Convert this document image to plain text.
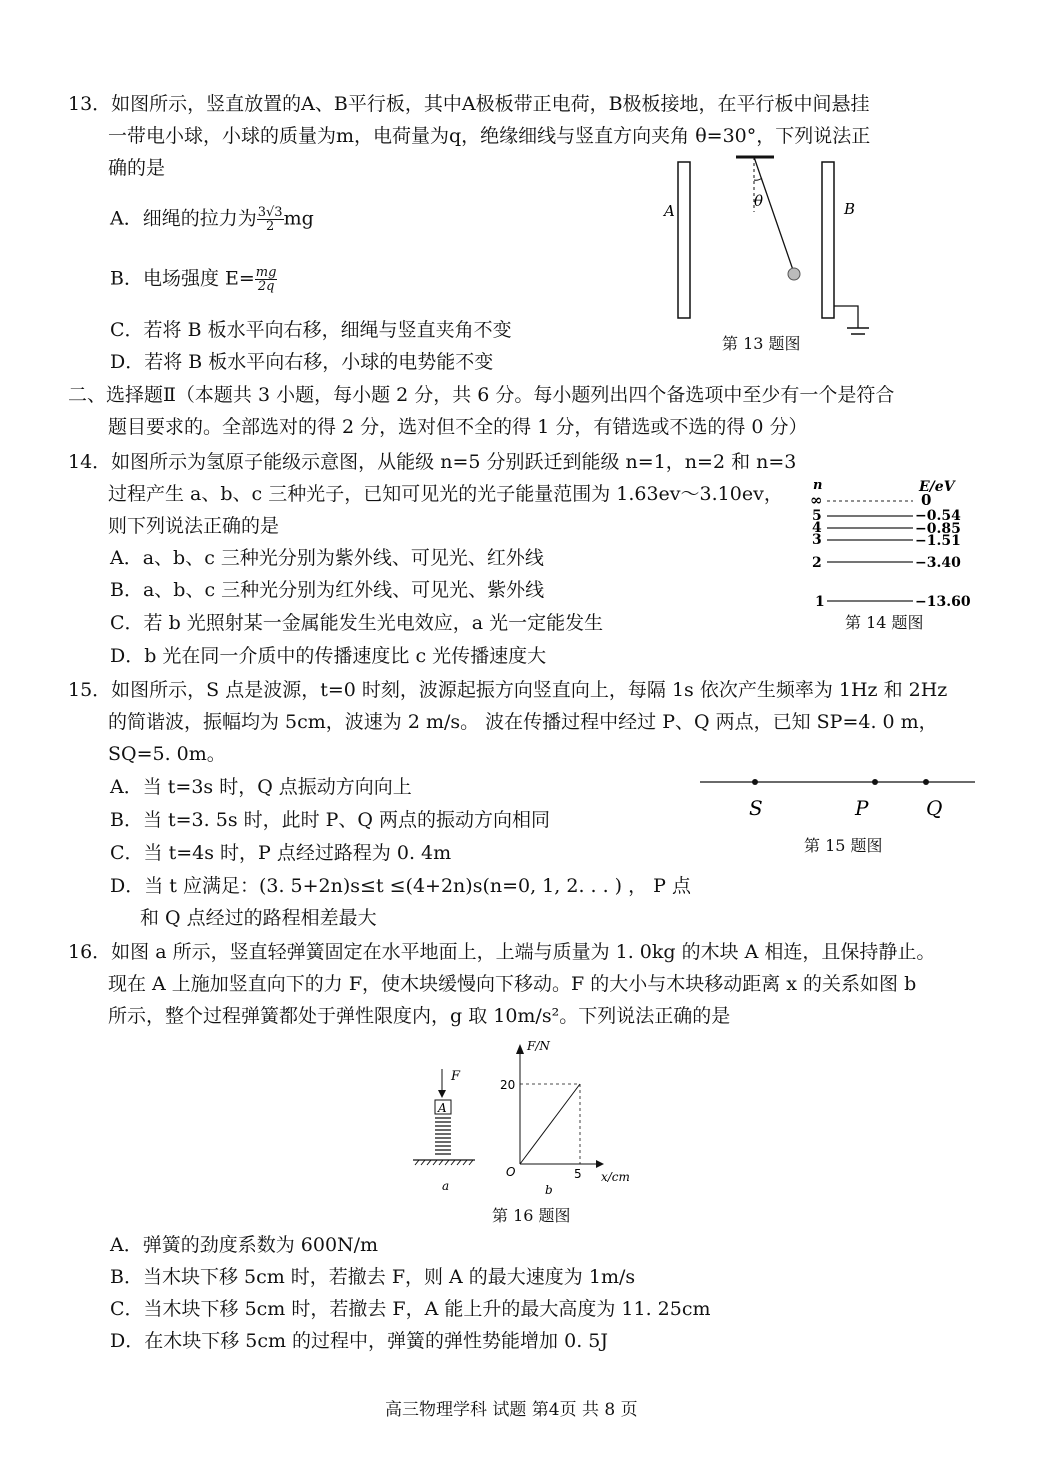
13．如图所示，竖直放置的A、B平行板，其中A极板带正电荷，B极板接地，在平行板中间悬挂
一带电小球，小球的质量为m，电荷量为q，绝缘细线与竖直方向夹角 θ=30°，下列说法正
确的是
A．细绳的拉力为 $\frac{3√3}{2}$ mg
B．电场强度 $E= \frac{mg}{2q}$
C．若将 B 板水平向右移，细绳与竖直夹角不变
D．若将 B 板水平向右移，小球的电势能不变
θ
A	B
第 13 题图
二、选择题Ⅱ（本题共 3 小题，每小题 2 分，共 6 分。每小题列出四个备选项中至少有一个是符合
题目要求的。全部选对的得 2 分，选对但不全的得 1 分，有错选或不选的得 0 分）
14．如图所示为氢原子能级示意图，从能级 n=5 分别跃迁到能级 n=1，n=2 和 n=3
过程产生 a、b、c 三种光子，已知可见光的光子能量范围为 1.63ev～3.10ev，
则下列说法正确的是
A．a、b、c 三种光分别为紫外线、可见光、红外线
B．a、b、c 三种光分别为红外线、可见光、紫外线
C．若 b 光照射某一金属能发生光电效应，a 光一定能发生
D．b 光在同一介质中的传播速度比 c 光传播速度大
n	E/eV
∞	0
5	−0.54
4	−0.85
3	−1.51
2	−3.40
1	−13.60
第 14 题图
15．如图所示，S 点是波源，t=0 时刻，波源起振方向竖直向上，每隔 1s 依次产生频率为 1Hz 和 2Hz
的简谐波，振幅均为 5cm，波速为 2 m/s。 波在传播过程中经过 P、Q 两点，已知 SP=4. 0 m，
SQ=5. 0m。
A．当 t=3s 时，Q 点振动方向向上
B．当 t=3. 5s 时，此时 P、Q 两点的振动方向相同
C．当 t=4s 时，P 点经过路程为 0. 4m
D．当 t 应满足：(3. 5+2n)s≤t ≤(4+2n)s(n=0, 1, 2. . . ) ， P 点
和 Q 点经过的路程相差最大
S	P	Q
第 15 题图
16．如图 a 所示，竖直轻弹簧固定在水平地面上，上端与质量为 1. 0kg 的木块 A 相连，且保持静止。
现在 A 上施加竖直向下的力 F，使木块缓慢向下移动。F 的大小与木块移动距离 x 的关系如图 b
所示，整个过程弹簧都处于弹性限度内，g 取 10m/s²。下列说法正确的是
F
A
a
F/N
x/cm
O
20
5
b
第 16 题图
A．弹簧的劲度系数为 600N/m
B．当木块下移 5cm 时，若撤去 F，则 A 的最大速度为 1m/s
C．当木块下移 5cm 时，若撤去 F，A 能上升的最大高度为 11. 25cm
D．在木块下移 5cm 的过程中，弹簧的弹性势能增加 0. 5J
高三物理学科 试题 第4页 共 8 页
